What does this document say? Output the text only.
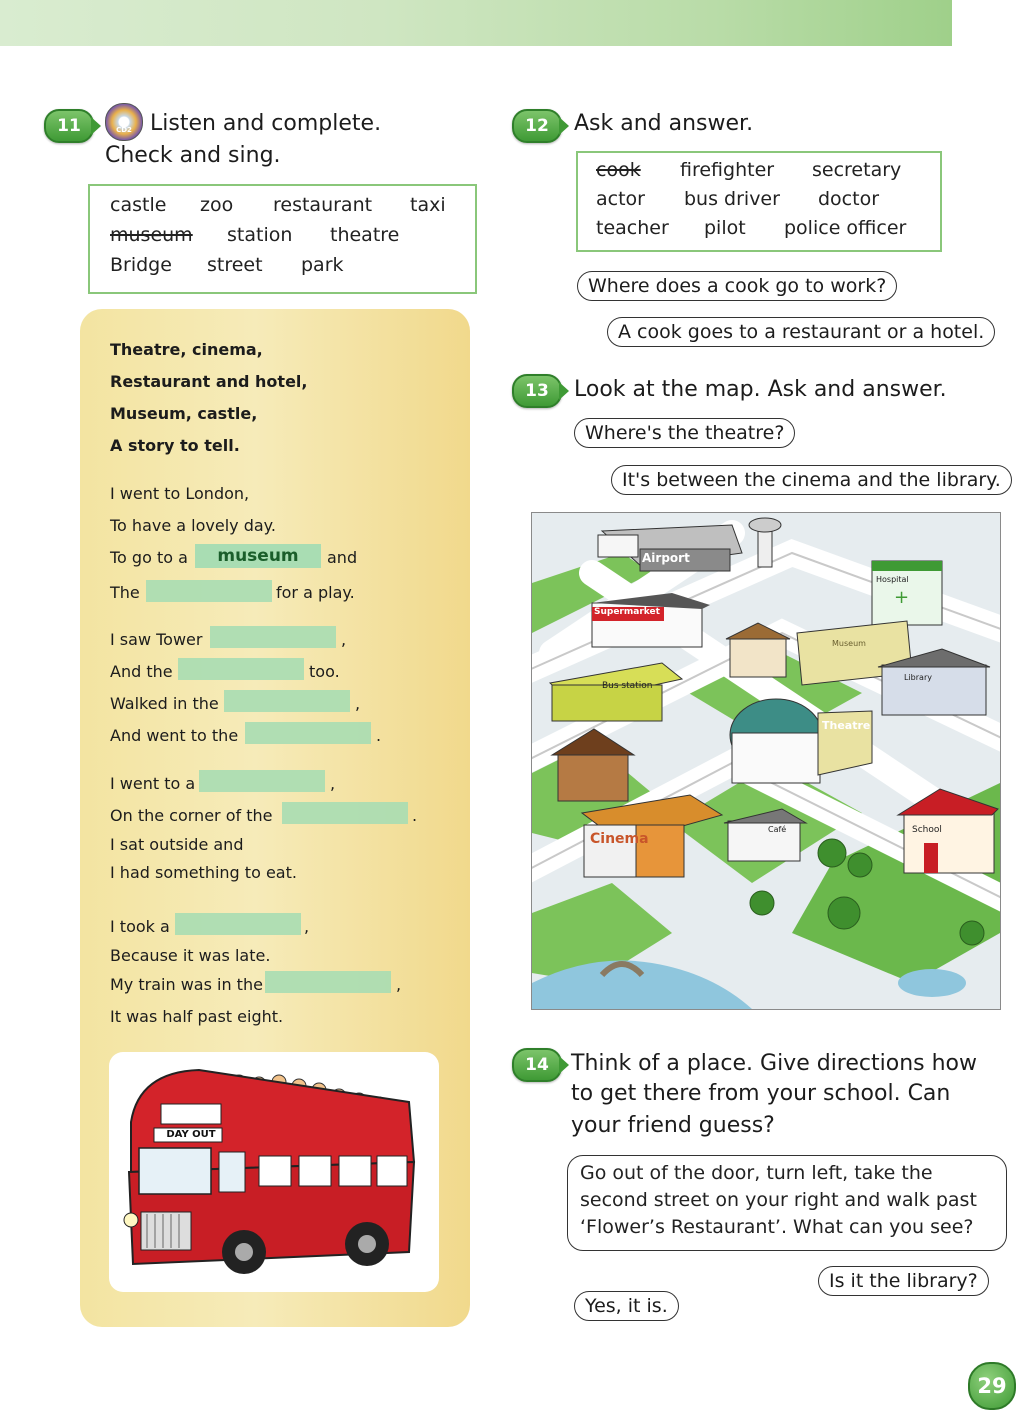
11	CD2 Listen and complete.
Check and sing.
castle zoo restaurant taxi
museum station theatre
Bridge street park
Theatre, cinema,
Restaurant and hotel,
Museum, castle,
A story to tell.
I went to London,
To have a lovely day.
To go to a	museum	and
The	for a play.
I saw Tower	,
And the	too.
Walked in the	,
And went to the	.
I went to a	,
On the corner of the	.
I sat outside and
I had something to eat.
I took a	,
Because it was late.
My train was in the	,
It was half past eight.
DAY OUT
12	Ask and answer.
cook firefighter secretary
actor bus driver doctor
teacher pilot police officer
Where does a cook go to work?
A cook goes to a restaurant or a hotel.
13	Look at the map. Ask and answer.
Where's the theatre?
It's between the cinema and the library.
+
Airport
Supermarket
Bus station
Theatre
Cinema
School
Café
Library
Museum
Hospital
14	Think of a place. Give directions how
to get there from your school. Can
your friend guess?
Go out of the door, turn left, take the
second street on your right and walk past
‘Flower’s Restaurant’. What can you see?
Is it the library?
Yes, it is.
29
